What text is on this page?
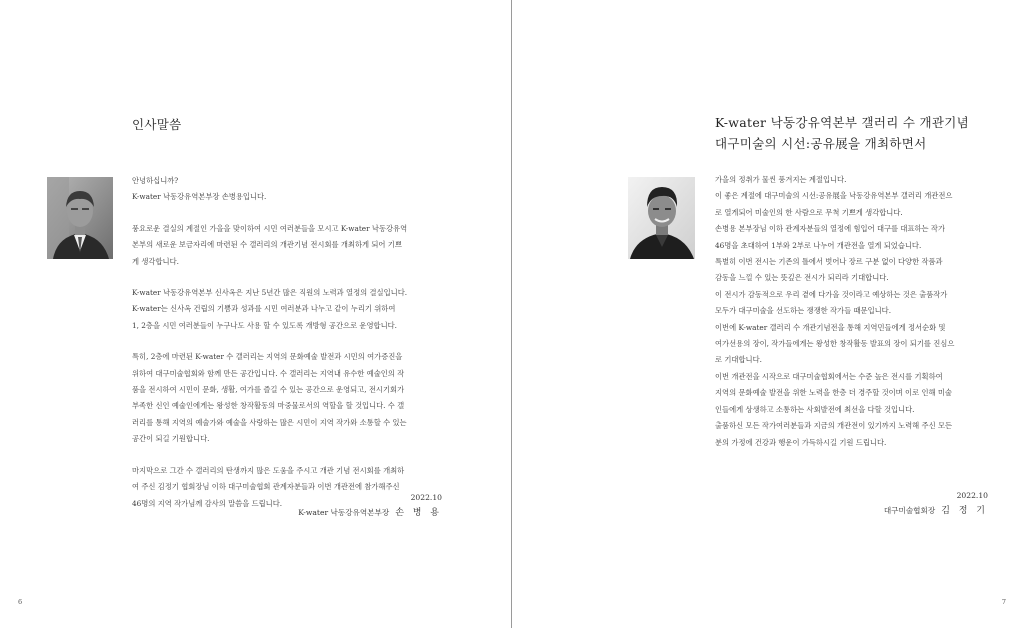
인사말씀

안녕하십니까?
K-water 낙동강유역본부장 손병용입니다.

풍요로운 결실의 계절인 가을을 맞이하여 시민 여러분들을 모시고 K-water 낙동강유역
본부의 새로운 보금자리에 마련된 수 갤러리의 개관기념 전시회를 개최하게 되어 기쁘
게 생각합니다.

K-water 낙동강유역본부 신사옥은 지난 5년간 많은 직원의 노력과 열정의 결실입니다.
K-water는 신사옥 건립의 기쁨과 성과를 시민 여러분과 나누고 같이 누리기 위하여
1, 2층을 시민 여러분들이 누구나도 사용 할 수 있도록 개방형 공간으로 운영합니다.

특히, 2층에 마련된 K-water 수 갤러리는 지역의 문화예술 발전과 시민의 여가증진을
위하여 대구미술협회와 함께 만든 공간입니다. 수 갤러리는 지역내 유수한 예술인의 작
품을 전시하여 시민이 문화, 생활, 여가를 즐길 수 있는 공간으로 운영되고, 전시기회가
부족한 신인 예술인에게는 왕성한 창작활동의 마중물로서의 역할을 할 것입니다. 수 갤
러리를 통해 지역의 예술가와 예술을 사랑하는 많은 시민이 지역 작가와 소통할 수 있는
공간이 되길 기원합니다.

마지막으로 그간 수 갤러리의 탄생까지 많은 도움을 주시고 개관 기념 전시회를 개최하
여 주신 김정기 협회장님 이하 대구미술협회 관계자분들과 이번 개관전에 참가해주신
46명의 지역 작가님께 감사의 말씀을 드립니다.

2022.10
K-water 낙동강유역본부장 손 병 용
6
K-water 낙동강유역본부 갤러리 수 개관기념
대구미술의 시선:공유展을 개최하면서
가을의 정취가 물씬 풍겨지는 계절입니다.
이 좋은 계절에 대구미술의 시선:공유展을 낙동강유역본부 갤러리 개관전으
로 열게되어 미술인의 한 사람으로 무척 기쁘게 생각합니다.
손병용 본부장님 이하 관계자분들의 열정에 힘입어 대구를 대표하는 작가
46명을 초대하여 1부와 2부로 나누어 개관전을 열게 되었습니다.
특별히 이번 전시는 기존의 틀에서 벗어나 장르 구분 없이 다양한 작품과
감동을 느낄 수 있는 뜻깊은 전시가 되리라 기대합니다.
이 전시가 감동적으로 우리 곁에 다가올 것이라고 예상하는 것은 출품작가
모두가 대구미술을 선도하는 쟁쟁한 작가들 때문입니다.
이번에 K-water 갤러리 수 개관기념전을 통해 지역민들에게 정서순화 및
여가선용의 장이, 작가들에게는 왕성한 창작활동 발표의 장이 되기를 진심으
로 기대합니다.
이번 개관전을 시작으로 대구미술협회에서는 수준 높은 전시를 기획하여
지역의 문화예술 발전을 위한 노력을 한층 더 경주할 것이며 이로 인해 미술
인들에게 상생하고 소통하는 사회발전에 최선을 다할 것입니다.
출품하신 모든 작가여러분들과 지금의 개관전이 있기까지 노력해 주신 모든
분의 가정에 건강과 행운이 가득하시길 기원 드립니다.
2022.10
대구미술협회장 김 정 기
7
